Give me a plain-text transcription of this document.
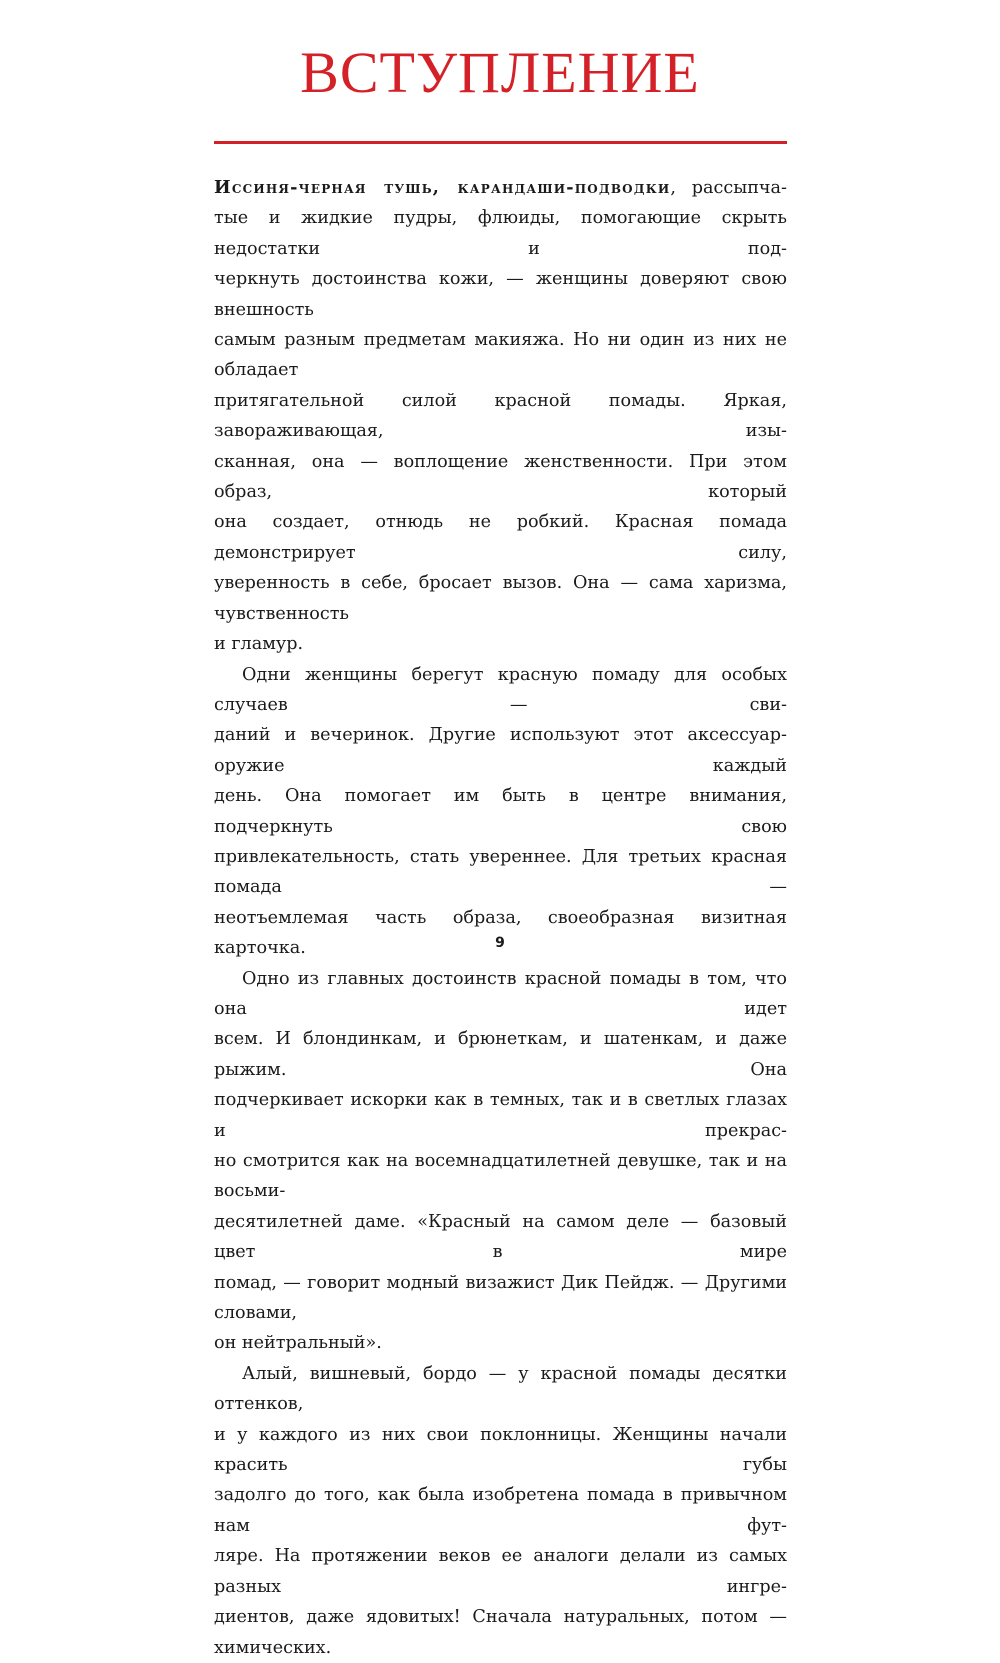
ВСТУПЛЕНИЕ

Иссиня-черная тушь, карандаши-подводки, рассыпча-

тые и жидкие пудры, флюиды, помогающие скрыть недостатки и под-

черкнуть достоинства кожи, — женщины доверяют свою внешность

самым разным предметам макияжа. Но ни один из них не обладает

притягательной силой красной помады. Яркая, завораживающая, изы-

сканная, она — воплощение женственности. При этом образ, который

она создает, отнюдь не робкий. Красная помада демонстрирует силу,

уверенность в себе, бросает вызов. Она — сама харизма, чувственность

и гламур.

Одни женщины берегут красную помаду для особых случаев — сви-

даний и вечеринок. Другие используют этот аксессуар-оружие каждый

день. Она помогает им быть в центре внимания, подчеркнуть свою

привлекательность, стать увереннее. Для третьих красная помада —

неотъемлемая часть образа, своеобразная визитная карточка.

Одно из главных достоинств красной помады в том, что она идет

всем. И блондинкам, и брюнеткам, и шатенкам, и даже рыжим. Она

подчеркивает искорки как в темных, так и в светлых глазах и прекрас-

но смотрится как на восемнадцатилетней девушке, так и на восьми-

десятилетней даме. «Красный на самом деле — базовый цвет в мире

помад, — говорит модный визажист Дик Пейдж. — Другими словами,

он нейтральный».

Алый, вишневый, бордо — у красной помады десятки оттенков,

и у каждого из них свои поклонницы. Женщины начали красить губы

задолго до того, как была изобретена помада в привычном нам фут-

ляре. На протяжении веков ее аналоги делали из самых разных ингре-

диентов, даже ядовитых! Сначала натуральных, потом — химических.

9
